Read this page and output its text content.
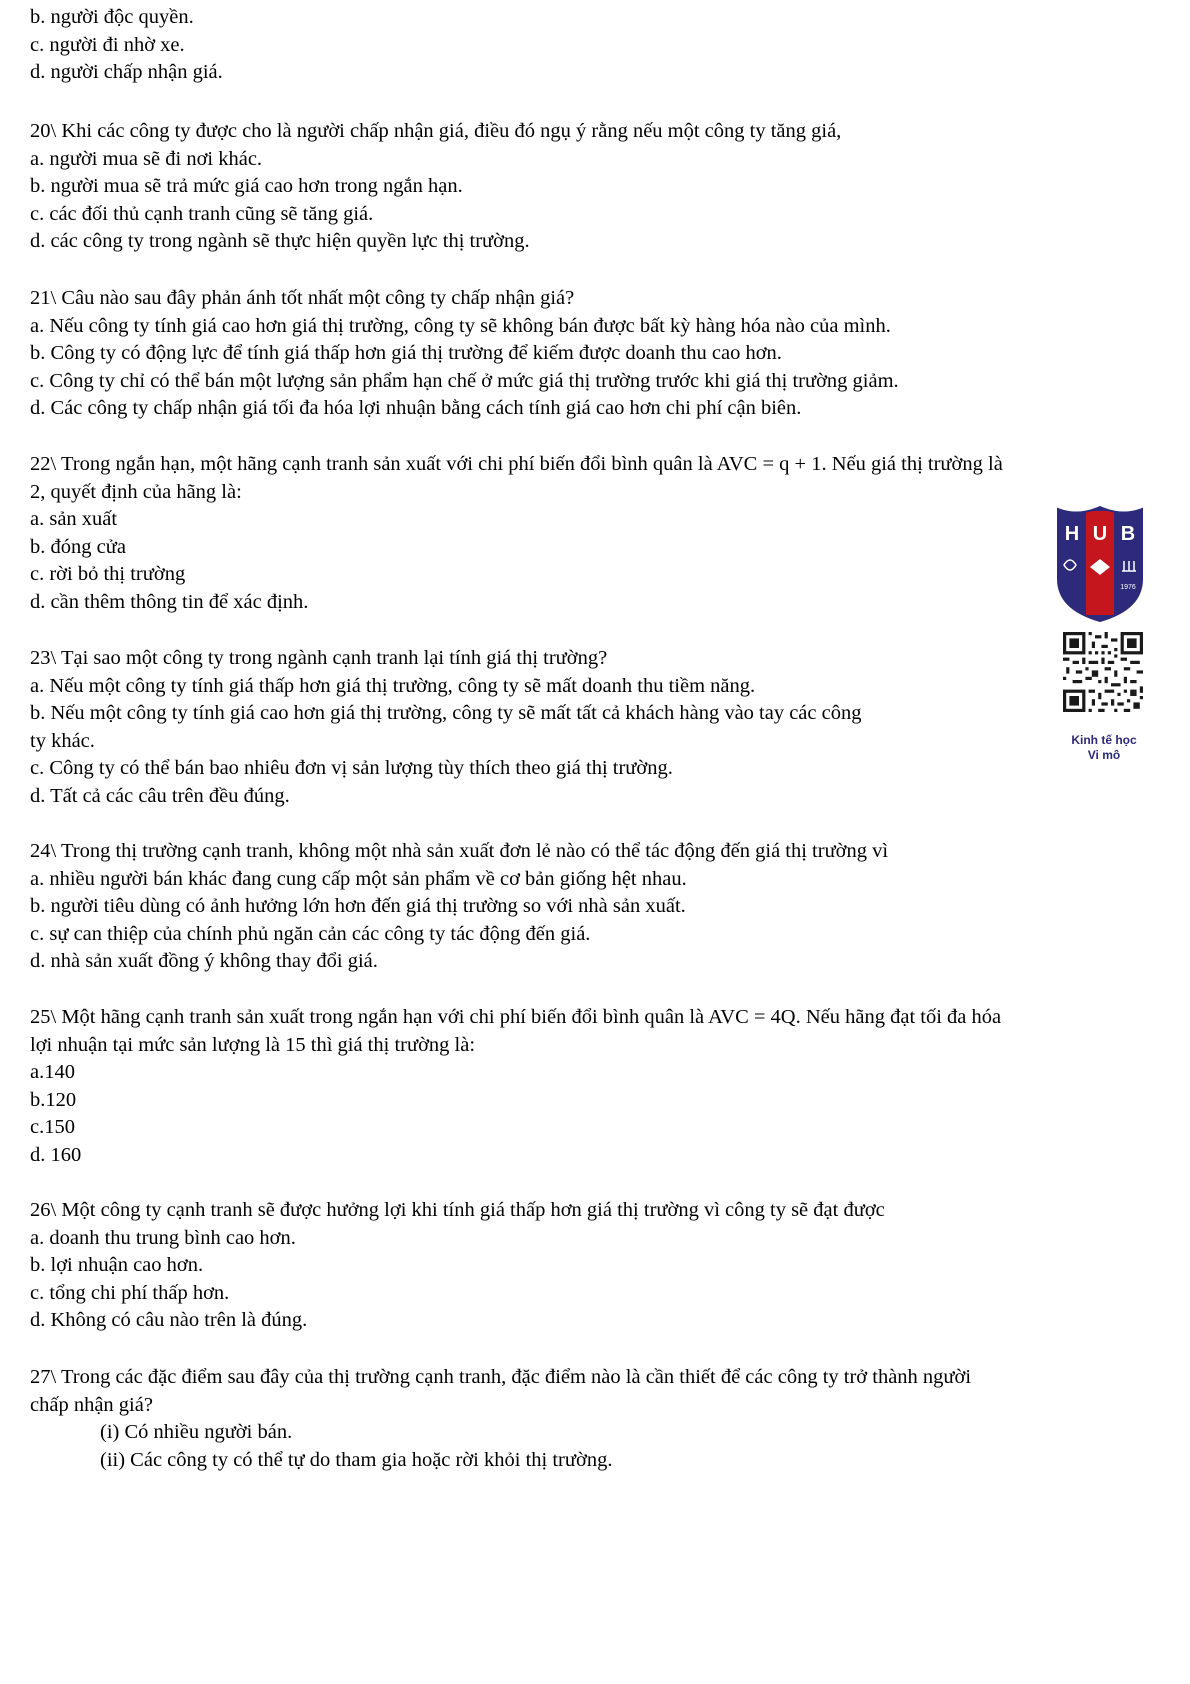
b. người độc quyền.
c. người đi nhờ xe.
d. người chấp nhận giá.
20\ Khi các công ty được cho là người chấp nhận giá, điều đó ngụ ý rằng nếu một công ty tăng giá,
a. người mua sẽ đi nơi khác.
b. người mua sẽ trả mức giá cao hơn trong ngắn hạn.
c. các đối thủ cạnh tranh cũng sẽ tăng giá.
d. các công ty trong ngành sẽ thực hiện quyền lực thị trường.
21\ Câu nào sau đây phản ánh tốt nhất một công ty chấp nhận giá?
a. Nếu công ty tính giá cao hơn giá thị trường, công ty sẽ không bán được bất kỳ hàng hóa nào của mình.
b. Công ty có động lực để tính giá thấp hơn giá thị trường để kiếm được doanh thu cao hơn.
c. Công ty chỉ có thể bán một lượng sản phẩm hạn chế ở mức giá thị trường trước khi giá thị trường giảm.
d. Các công ty chấp nhận giá tối đa hóa lợi nhuận bằng cách tính giá cao hơn chi phí cận biên.
22\ Trong ngắn hạn, một hãng cạnh tranh sản xuất với chi phí biến đổi bình quân là AVC = q + 1. Nếu giá thị trường là
2, quyết định của hãng là:
a. sản xuất
b. đóng cửa
c. rời bỏ thị trường
d. cần thêm thông tin để xác định.
23\ Tại sao một công ty trong ngành cạnh tranh lại tính giá thị trường?
a. Nếu một công ty tính giá thấp hơn giá thị trường, công ty sẽ mất doanh thu tiềm năng.
b. Nếu một công ty tính giá cao hơn giá thị trường, công ty sẽ mất tất cả khách hàng vào tay các công
ty khác.
c. Công ty có thể bán bao nhiêu đơn vị sản lượng tùy thích theo giá thị trường.
d. Tất cả các câu trên đều đúng.
24\ Trong thị trường cạnh tranh, không một nhà sản xuất đơn lẻ nào có thể tác động đến giá thị trường vì
a. nhiều người bán khác đang cung cấp một sản phẩm về cơ bản giống hệt nhau.
b. người tiêu dùng có ảnh hưởng lớn hơn đến giá thị trường so với nhà sản xuất.
c. sự can thiệp của chính phủ ngăn cản các công ty tác động đến giá.
d. nhà sản xuất đồng ý không thay đổi giá.
25\ Một hãng cạnh tranh sản xuất trong ngắn hạn với chi phí biến đổi bình quân là AVC = 4Q. Nếu hãng đạt tối đa hóa
lợi nhuận tại mức sản lượng là 15 thì giá thị trường là:
a.140
b.120
c.150
d. 160
26\ Một công ty cạnh tranh sẽ được hưởng lợi khi tính giá thấp hơn giá thị trường vì công ty sẽ đạt được
a. doanh thu trung bình cao hơn.
b. lợi nhuận cao hơn.
c. tổng chi phí thấp hơn.
d. Không có câu nào trên là đúng.
27\ Trong các đặc điểm sau đây của thị trường cạnh tranh, đặc điểm nào là cần thiết để các công ty trở thành người
chấp nhận giá?
(i) Có nhiều người bán.
(ii) Các công ty có thể tự do tham gia hoặc rời khỏi thị trường.
H U B
1976
Kinh tế học
Vi mô
